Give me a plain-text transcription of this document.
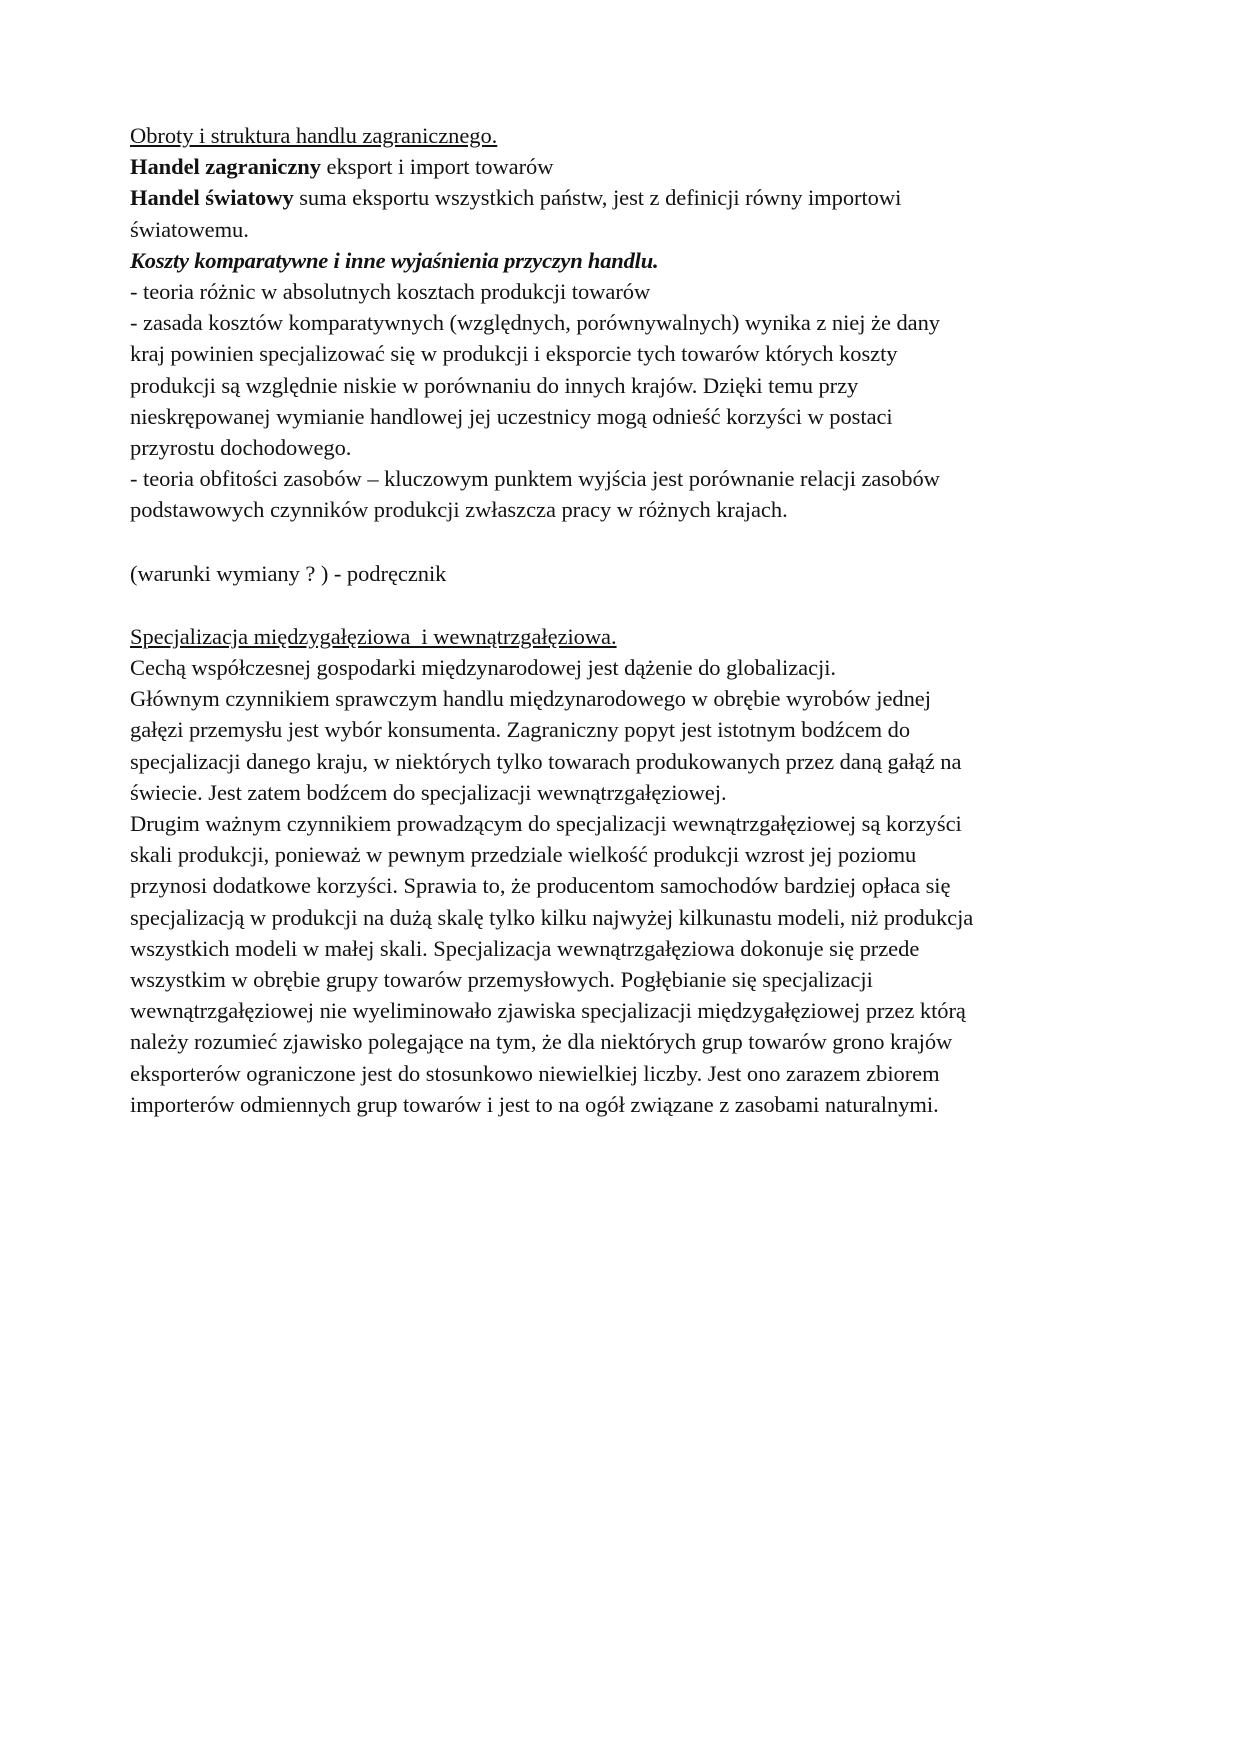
Obroty i struktura handlu zagranicznego.
Handel zagraniczny eksport i import towarów
Handel światowy suma eksportu wszystkich państw, jest z definicji równy importowi
światowemu.
Koszty komparatywne i inne wyjaśnienia przyczyn handlu.
- teoria różnic w absolutnych kosztach produkcji towarów
- zasada kosztów komparatywnych (względnych, porównywalnych) wynika z niej że dany
kraj powinien specjalizować się w produkcji i eksporcie tych towarów których koszty
produkcji są względnie niskie w porównaniu do innych krajów. Dzięki temu przy
nieskrępowanej wymianie handlowej jej uczestnicy mogą odnieść korzyści w postaci
przyrostu dochodowego.
- teoria obfitości zasobów – kluczowym punktem wyjścia jest porównanie relacji zasobów
podstawowych czynników produkcji zwłaszcza pracy w różnych krajach.
(warunki wymiany ? ) - podręcznik
Specjalizacja międzygałęziowa  i wewnątrzgałęziowa.
Cechą współczesnej gospodarki międzynarodowej jest dążenie do globalizacji.
Głównym czynnikiem sprawczym handlu międzynarodowego w obrębie wyrobów jednej
gałęzi przemysłu jest wybór konsumenta. Zagraniczny popyt jest istotnym bodźcem do
specjalizacji danego kraju, w niektórych tylko towarach produkowanych przez daną gałąź na
świecie. Jest zatem bodźcem do specjalizacji wewnątrzgałęziowej.
Drugim ważnym czynnikiem prowadzącym do specjalizacji wewnątrzgałęziowej są korzyści
skali produkcji, ponieważ w pewnym przedziale wielkość produkcji wzrost jej poziomu
przynosi dodatkowe korzyści. Sprawia to, że producentom samochodów bardziej opłaca się
specjalizacją w produkcji na dużą skalę tylko kilku najwyżej kilkunastu modeli, niż produkcja
wszystkich modeli w małej skali. Specjalizacja wewnątrzgałęziowa dokonuje się przede
wszystkim w obrębie grupy towarów przemysłowych. Pogłębianie się specjalizacji
wewnątrzgałęziowej nie wyeliminowało zjawiska specjalizacji międzygałęziowej przez którą
należy rozumieć zjawisko polegające na tym, że dla niektórych grup towarów grono krajów
eksporterów ograniczone jest do stosunkowo niewielkiej liczby. Jest ono zarazem zbiorem
importerów odmiennych grup towarów i jest to na ogół związane z zasobami naturalnymi.
